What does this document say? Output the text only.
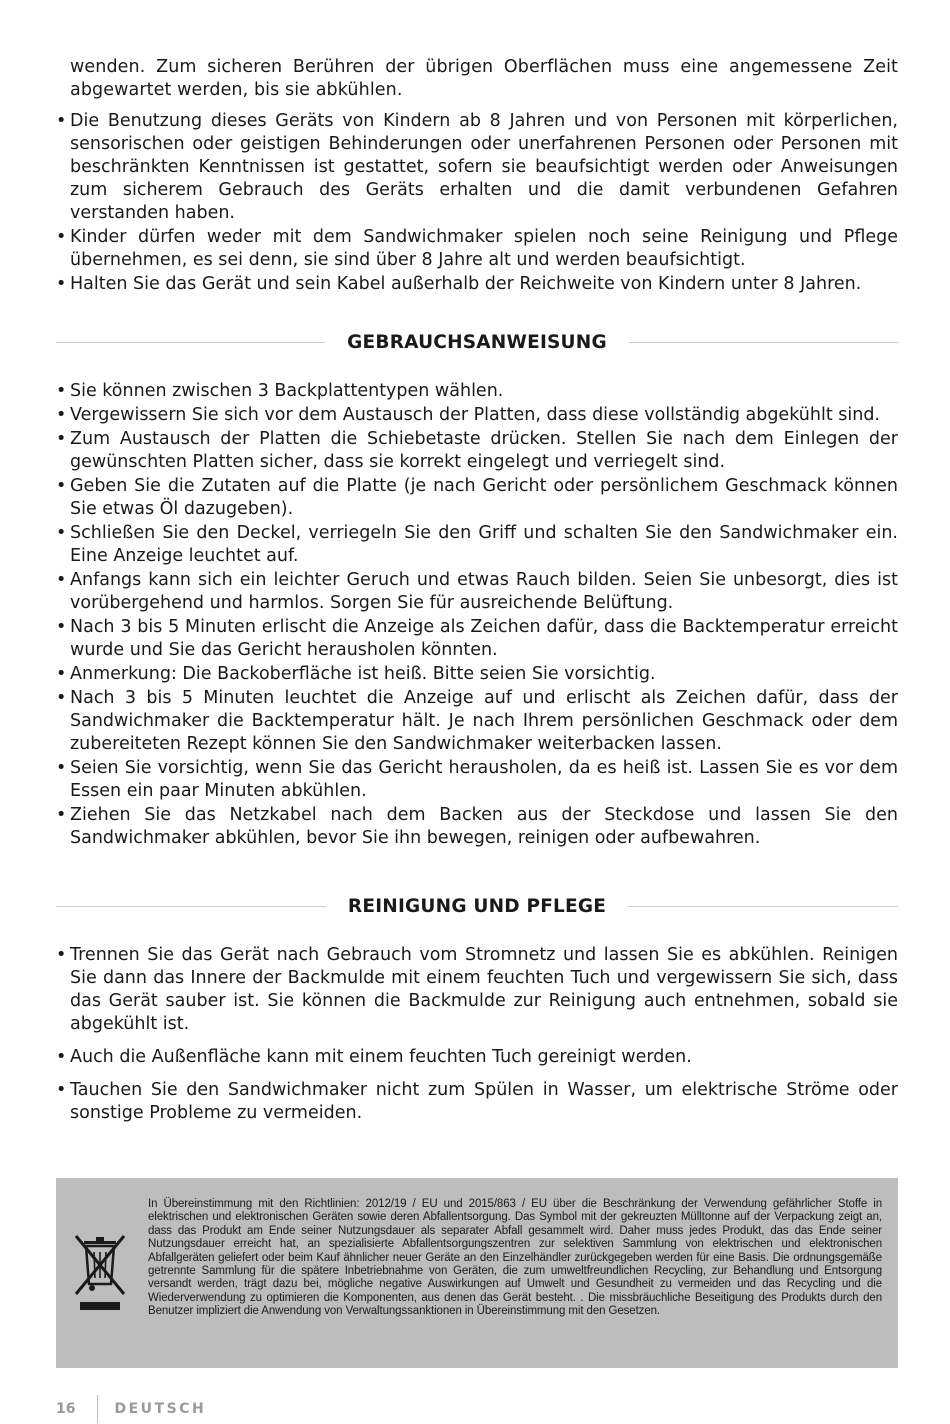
wenden. Zum sicheren Berühren der übrigen Oberflächen muss eine angemessene Zeit abgewartet werden, bis sie abkühlen.
• Die Benutzung dieses Geräts von Kindern ab 8 Jahren und von Personen mit körperlichen, sensorischen oder geistigen Behinderungen oder unerfahrenen Personen oder Personen mit beschränkten Kenntnissen ist gestattet, sofern sie beaufsichtigt werden oder Anweisungen zum sicherem Gebrauch des Geräts erhalten und die damit verbundenen Gefahren verstanden haben.
• Kinder dürfen weder mit dem Sandwichmaker spielen noch seine Reinigung und Pflege übernehmen, es sei denn, sie sind über 8 Jahre alt und werden beaufsichtigt.
• Halten Sie das Gerät und sein Kabel außerhalb der Reichweite von Kindern unter 8 Jahren.
GEBRAUCHSANWEISUNG
• Sie können zwischen 3 Backplattentypen wählen.
• Vergewissern Sie sich vor dem Austausch der Platten, dass diese vollständig abgekühlt sind.
• Zum Austausch der Platten die Schiebetaste drücken. Stellen Sie nach dem Einlegen der gewünschten Platten sicher, dass sie korrekt eingelegt und verriegelt sind.
• Geben Sie die Zutaten auf die Platte (je nach Gericht oder persönlichem Geschmack können Sie etwas Öl dazugeben).
• Schließen Sie den Deckel, verriegeln Sie den Griff und schalten Sie den Sandwichmaker ein. Eine Anzeige leuchtet auf.
• Anfangs kann sich ein leichter Geruch und etwas Rauch bilden. Seien Sie unbesorgt, dies ist vorübergehend und harmlos. Sorgen Sie für ausreichende Belüftung.
• Nach 3 bis 5 Minuten erlischt die Anzeige als Zeichen dafür, dass die Backtemperatur erreicht wurde und Sie das Gericht herausholen könnten.
• Anmerkung: Die Backoberfläche ist heiß. Bitte seien Sie vorsichtig.
• Nach 3 bis 5 Minuten leuchtet die Anzeige auf und erlischt als Zeichen dafür, dass der Sandwichmaker die Backtemperatur hält. Je nach Ihrem persönlichen Geschmack oder dem zubereiteten Rezept können Sie den Sandwichmaker weiterbacken lassen.
• Seien Sie vorsichtig, wenn Sie das Gericht herausholen, da es heiß ist. Lassen Sie es vor dem Essen ein paar Minuten abkühlen.
• Ziehen Sie das Netzkabel nach dem Backen aus der Steckdose und lassen Sie den Sandwichmaker abkühlen, bevor Sie ihn bewegen, reinigen oder aufbewahren.
REINIGUNG UND PFLEGE
• Trennen Sie das Gerät nach Gebrauch vom Stromnetz und lassen Sie es abkühlen. Reinigen Sie dann das Innere der Backmulde mit einem feuchten Tuch und vergewissern Sie sich, dass das Gerät sauber ist. Sie können die Backmulde zur Reinigung auch entnehmen, sobald sie abgekühlt ist.
• Auch die Außenfläche kann mit einem feuchten Tuch gereinigt werden.
• Tauchen Sie den Sandwichmaker nicht zum Spülen in Wasser, um elektrische Ströme oder sonstige Probleme zu vermeiden.
In Übereinstimmung mit den Richtlinien: 2012/19 / EU und 2015/863 / EU über die Beschränkung der Verwendung gefährlicher Stoffe in elektrischen und elektronischen Geräten sowie deren Abfallentsorgung. Das Symbol mit der gekreuzten Mülltonne auf der Verpackung zeigt an, dass das Produkt am Ende seiner Nutzungsdauer als separater Abfall gesammelt wird. Daher muss jedes Produkt, das das Ende seiner Nutzungsdauer erreicht hat, an spezialisierte Abfallentsorgungszentren zur selektiven Sammlung von elektrischen und elektronischen Abfallgeräten geliefert oder beim Kauf ähnlicher neuer Geräte an den Einzelhändler zurückgegeben werden für eine Basis. Die ordnungsgemäße getrennte Sammlung für die spätere Inbetriebnahme von Geräten, die zum umweltfreundlichen Recycling, zur Behandlung und Entsorgung versandt werden, trägt dazu bei, mögliche negative Auswirkungen auf Umwelt und Gesundheit zu vermeiden und das Recycling und die Wiederverwendung zu optimieren die Komponenten, aus denen das Gerät besteht. . Die missbräuchliche Beseitigung des Produkts durch den Benutzer impliziert die Anwendung von Verwaltungssanktionen in Übereinstimmung mit den Gesetzen.
16	DEUTSCH
